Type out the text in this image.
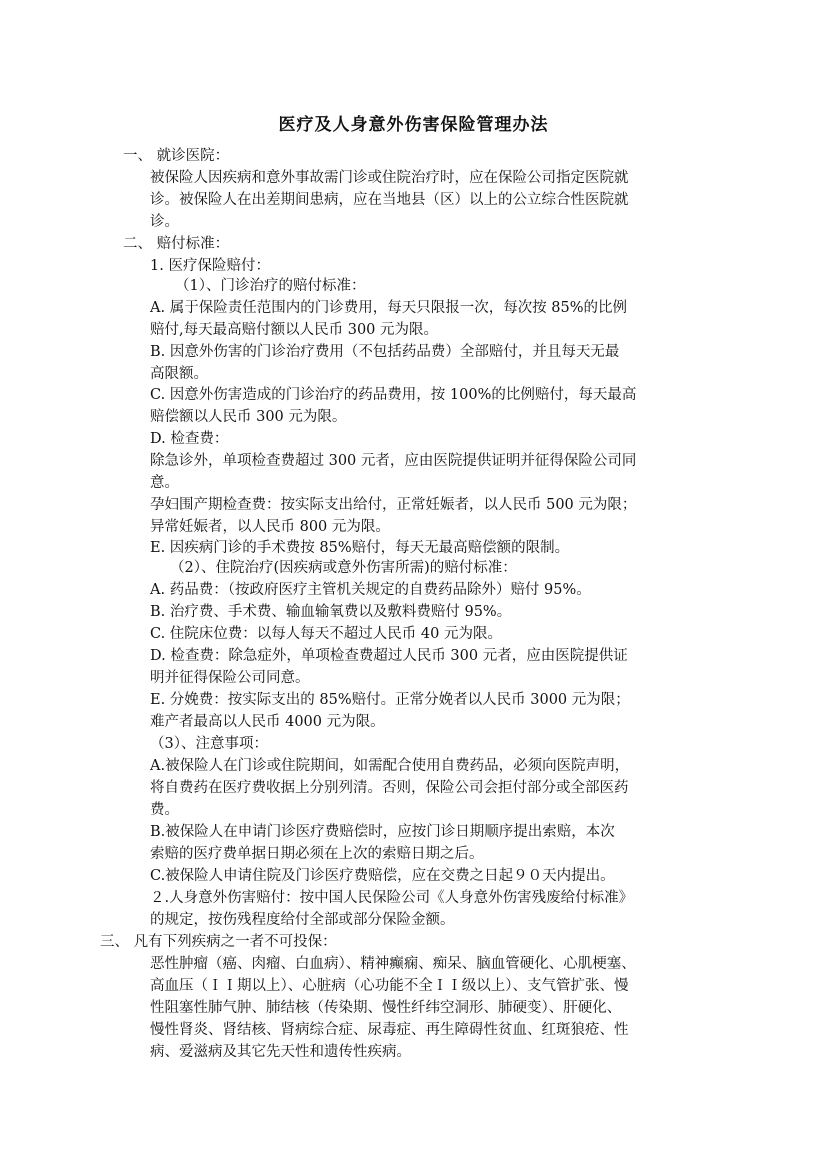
医疗及人身意外伤害保险管理办法
一、 就诊医院：
被保险人因疾病和意外事故需门诊或住院治疗时，应在保险公司指定医院就
诊。被保险人在出差期间患病，应在当地县（区）以上的公立综合性医院就
诊。
二、 赔付标准：
1. 医疗保险赔付：
（1）、门诊治疗的赔付标准：
A. 属于保险责任范围内的门诊费用，每天只限报一次，每次按 85%的比例
赔付,每天最高赔付额以人民币 300 元为限。
B. 因意外伤害的门诊治疗费用（不包括药品费）全部赔付，并且每天无最
高限额。
C. 因意外伤害造成的门诊治疗的药品费用，按 100%的比例赔付，每天最高
赔偿额以人民币 300 元为限。
D. 检查费：
除急诊外，单项检查费超过 300 元者，应由医院提供证明并征得保险公司同
意。
孕妇围产期检查费：按实际支出给付，正常妊娠者，以人民币 500 元为限；
异常妊娠者，以人民币 800 元为限。
E. 因疾病门诊的手术费按 85%赔付，每天无最高赔偿额的限制。
（2）、住院治疗(因疾病或意外伤害所需)的赔付标准：
A. 药品费：（按政府医疗主管机关规定的自费药品除外）赔付 95%。
B. 治疗费、手术费、输血输氧费以及敷料费赔付 95%。
C. 住院床位费：以每人每天不超过人民币 40 元为限。
D. 检查费：除急症外，单项检查费超过人民币 300 元者，应由医院提供证
明并征得保险公司同意。
E. 分娩费：按实际支出的 85%赔付。正常分娩者以人民币 3000 元为限；
难产者最高以人民币 4000 元为限。
（3）、注意事项：
A.被保险人在门诊或住院期间，如需配合使用自费药品，必须向医院声明，
将自费药在医疗费收据上分别列清。否则，保险公司会拒付部分或全部医药
费。
B.被保险人在申请门诊医疗费赔偿时，应按门诊日期顺序提出索赔，本次
索赔的医疗费单据日期必须在上次的索赔日期之后。
C.被保险人申请住院及门诊医疗费赔偿，应在交费之日起９０天内提出。
２.人身意外伤害赔付：按中国人民保险公司《人身意外伤害残废给付标准》
的规定，按伤残程度给付全部或部分保险金额。
三、 凡有下列疾病之一者不可投保：
恶性肿瘤（癌、肉瘤、白血病）、精神癫痫、痴呆、脑血管硬化、心肌梗塞、
高血压（ＩＩ期以上）、心脏病（心功能不全ＩＩ级以上）、支气管扩张、慢
性阻塞性肺气肿、肺结核（传染期、慢性纤纬空洞形、肺硬变）、肝硬化、
慢性肾炎、肾结核、肾病综合症、尿毒症、再生障碍性贫血、红斑狼疮、性
病、爱滋病及其它先天性和遗传性疾病。
